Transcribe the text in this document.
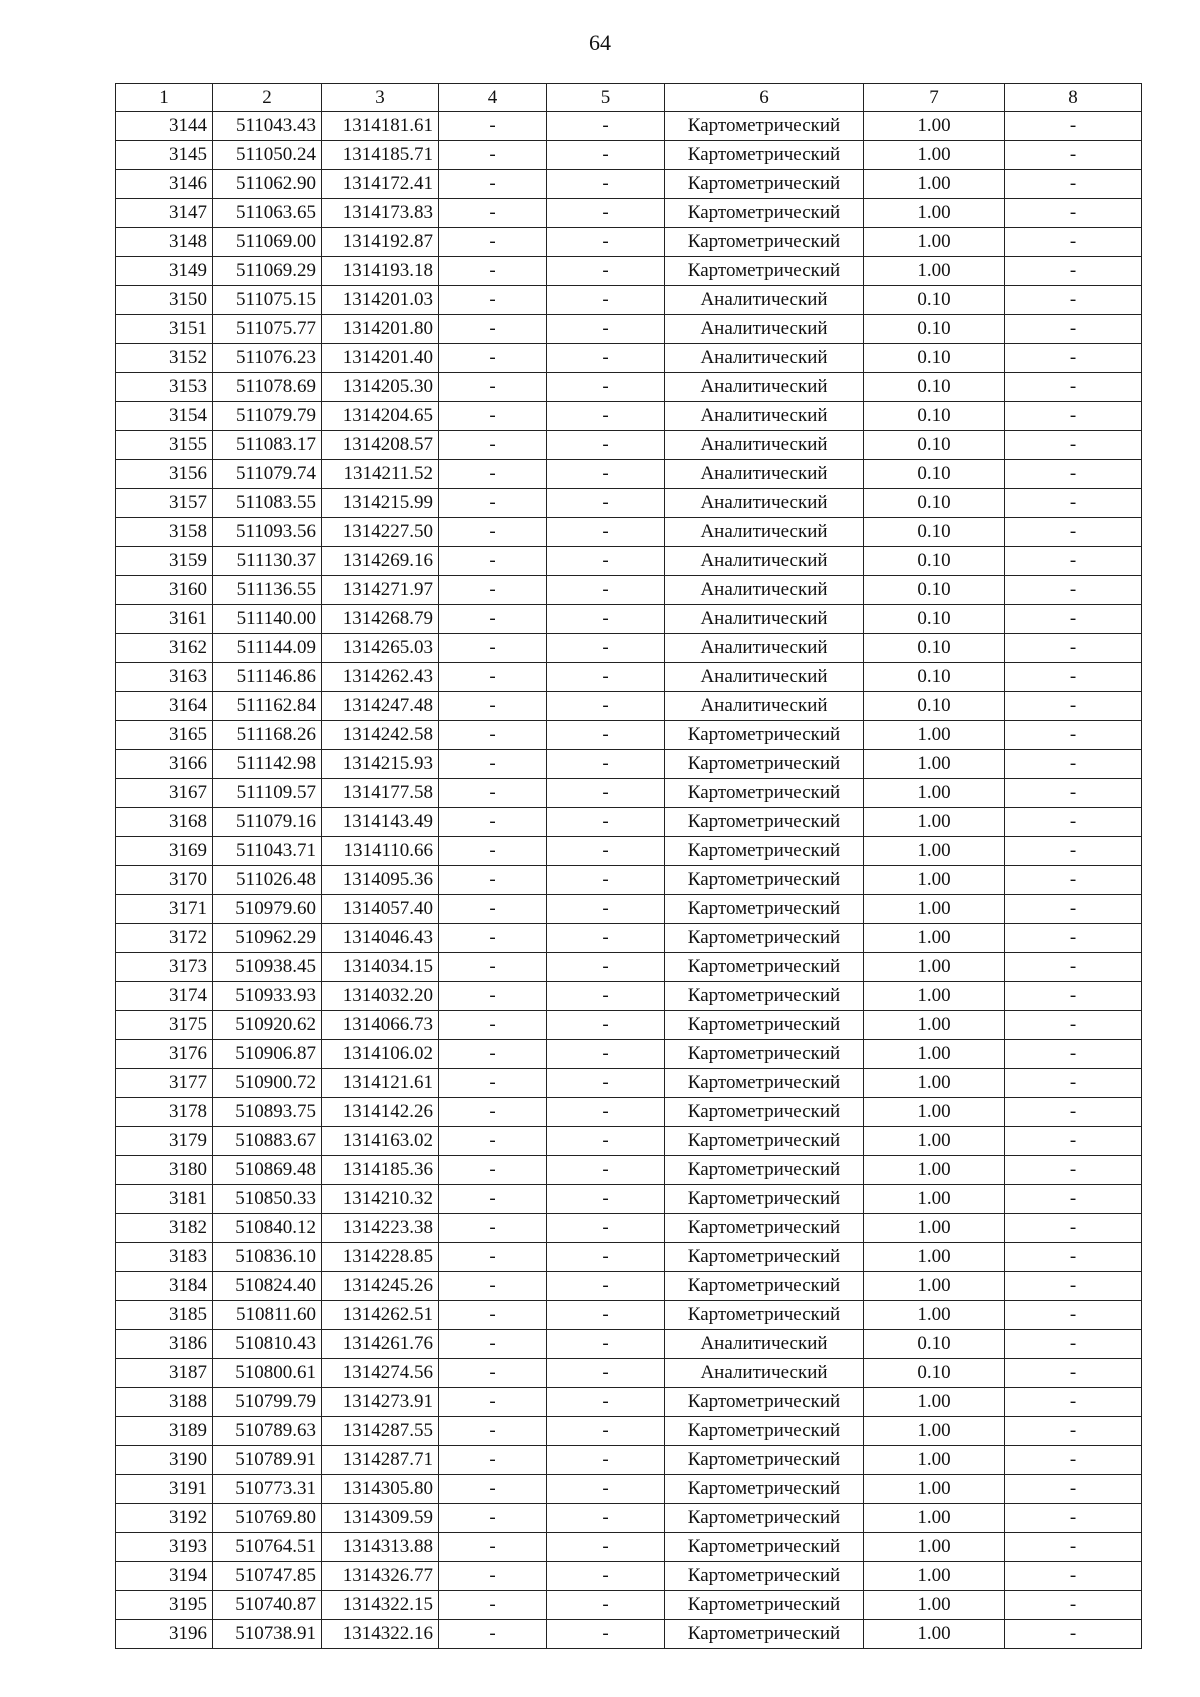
64
1	2	3	4	5	6	7	8
3144	511043.43	1314181.61	-	-	Картометрический	1.00	-
3145	511050.24	1314185.71	-	-	Картометрический	1.00	-
3146	511062.90	1314172.41	-	-	Картометрический	1.00	-
3147	511063.65	1314173.83	-	-	Картометрический	1.00	-
3148	511069.00	1314192.87	-	-	Картометрический	1.00	-
3149	511069.29	1314193.18	-	-	Картометрический	1.00	-
3150	511075.15	1314201.03	-	-	Аналитический	0.10	-
3151	511075.77	1314201.80	-	-	Аналитический	0.10	-
3152	511076.23	1314201.40	-	-	Аналитический	0.10	-
3153	511078.69	1314205.30	-	-	Аналитический	0.10	-
3154	511079.79	1314204.65	-	-	Аналитический	0.10	-
3155	511083.17	1314208.57	-	-	Аналитический	0.10	-
3156	511079.74	1314211.52	-	-	Аналитический	0.10	-
3157	511083.55	1314215.99	-	-	Аналитический	0.10	-
3158	511093.56	1314227.50	-	-	Аналитический	0.10	-
3159	511130.37	1314269.16	-	-	Аналитический	0.10	-
3160	511136.55	1314271.97	-	-	Аналитический	0.10	-
3161	511140.00	1314268.79	-	-	Аналитический	0.10	-
3162	511144.09	1314265.03	-	-	Аналитический	0.10	-
3163	511146.86	1314262.43	-	-	Аналитический	0.10	-
3164	511162.84	1314247.48	-	-	Аналитический	0.10	-
3165	511168.26	1314242.58	-	-	Картометрический	1.00	-
3166	511142.98	1314215.93	-	-	Картометрический	1.00	-
3167	511109.57	1314177.58	-	-	Картометрический	1.00	-
3168	511079.16	1314143.49	-	-	Картометрический	1.00	-
3169	511043.71	1314110.66	-	-	Картометрический	1.00	-
3170	511026.48	1314095.36	-	-	Картометрический	1.00	-
3171	510979.60	1314057.40	-	-	Картометрический	1.00	-
3172	510962.29	1314046.43	-	-	Картометрический	1.00	-
3173	510938.45	1314034.15	-	-	Картометрический	1.00	-
3174	510933.93	1314032.20	-	-	Картометрический	1.00	-
3175	510920.62	1314066.73	-	-	Картометрический	1.00	-
3176	510906.87	1314106.02	-	-	Картометрический	1.00	-
3177	510900.72	1314121.61	-	-	Картометрический	1.00	-
3178	510893.75	1314142.26	-	-	Картометрический	1.00	-
3179	510883.67	1314163.02	-	-	Картометрический	1.00	-
3180	510869.48	1314185.36	-	-	Картометрический	1.00	-
3181	510850.33	1314210.32	-	-	Картометрический	1.00	-
3182	510840.12	1314223.38	-	-	Картометрический	1.00	-
3183	510836.10	1314228.85	-	-	Картометрический	1.00	-
3184	510824.40	1314245.26	-	-	Картометрический	1.00	-
3185	510811.60	1314262.51	-	-	Картометрический	1.00	-
3186	510810.43	1314261.76	-	-	Аналитический	0.10	-
3187	510800.61	1314274.56	-	-	Аналитический	0.10	-
3188	510799.79	1314273.91	-	-	Картометрический	1.00	-
3189	510789.63	1314287.55	-	-	Картометрический	1.00	-
3190	510789.91	1314287.71	-	-	Картометрический	1.00	-
3191	510773.31	1314305.80	-	-	Картометрический	1.00	-
3192	510769.80	1314309.59	-	-	Картометрический	1.00	-
3193	510764.51	1314313.88	-	-	Картометрический	1.00	-
3194	510747.85	1314326.77	-	-	Картометрический	1.00	-
3195	510740.87	1314322.15	-	-	Картометрический	1.00	-
3196	510738.91	1314322.16	-	-	Картометрический	1.00	-
